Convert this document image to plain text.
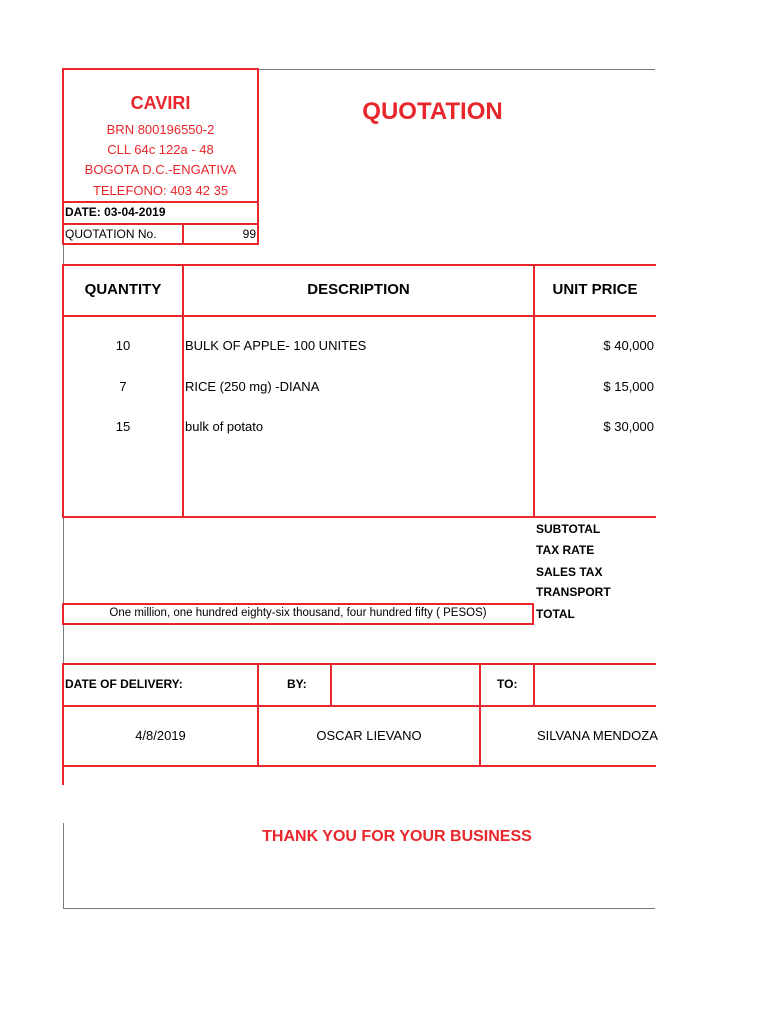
CAVIRI
BRN 800196550-2
CLL 64c 122a - 48
BOGOTA D.C.-ENGATIVA
TELEFONO: 403 42 35
QUOTATION
DATE: 03-04-2019
QUOTATION No.	99
QUANTITY	DESCRIPTION	UNIT PRICE
10	BULK OF APPLE- 100 UNITES	$ 40,000
7	RICE (250 mg) -DIANA	$ 15,000
15	bulk of potato	$ 30,000
SUBTOTAL
TAX RATE
SALES TAX
TRANSPORT
TOTAL
One million, one hundred eighty-six thousand, four hundred fifty ( PESOS)
DATE OF DELIVERY:	BY:	TO:
4/8/2019	OSCAR LIEVANO	SILVANA MENDOZA
THANK YOU FOR YOUR BUSINESS
